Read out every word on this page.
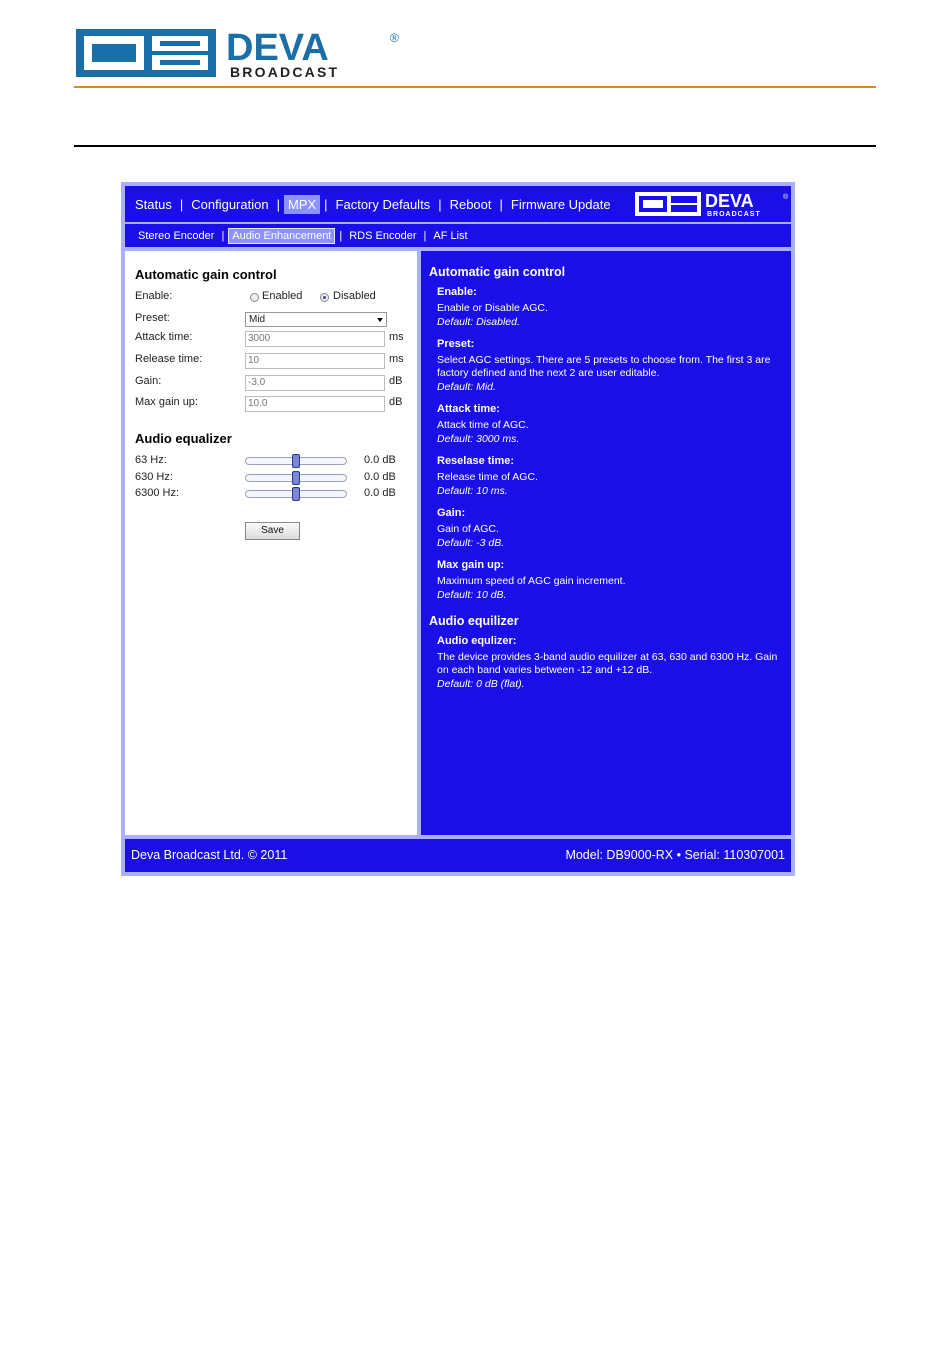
DEVA	®
BROADCAST
Status | Configuration | MPX | Factory Defaults | Reboot | Firmware Update	DEVA	®
BROADCAST
Stereo Encoder | Audio Enhancement | RDS Encoder | AF List
Automatic gain control
Enable:	Enabled	Disabled
Preset:	Mid
Attack time:	3000	ms
Release time:	10	ms
Gain:	-3.0	dB
Max gain up:	10.0	dB
Audio equalizer
63 Hz:	0.0 dB
630 Hz:	0.0 dB
6300 Hz:	0.0 dB
Save
Automatic gain control
Enable:
Enable or Disable AGC.
Default: Disabled.
Preset:
Select AGC settings. There are 5 presets to choose from. The first 3 are factory defined and the next 2 are user editable.
Default: Mid.
Attack time:
Attack time of AGC.
Default: 3000 ms.
Reselase time:
Release time of AGC.
Default: 10 ms.
Gain:
Gain of AGC.
Default: -3 dB.
Max gain up:
Maximum speed of AGC gain increment.
Default: 10 dB.
Audio equilizer
Audio equlizer:
The device provides 3-band audio equilizer at 63, 630 and 6300 Hz. Gain on each band varies between -12 and +12 dB.
Default: 0 dB (flat).
Deva Broadcast Ltd. © 2011	Model: DB9000-RX • Serial: 110307001
